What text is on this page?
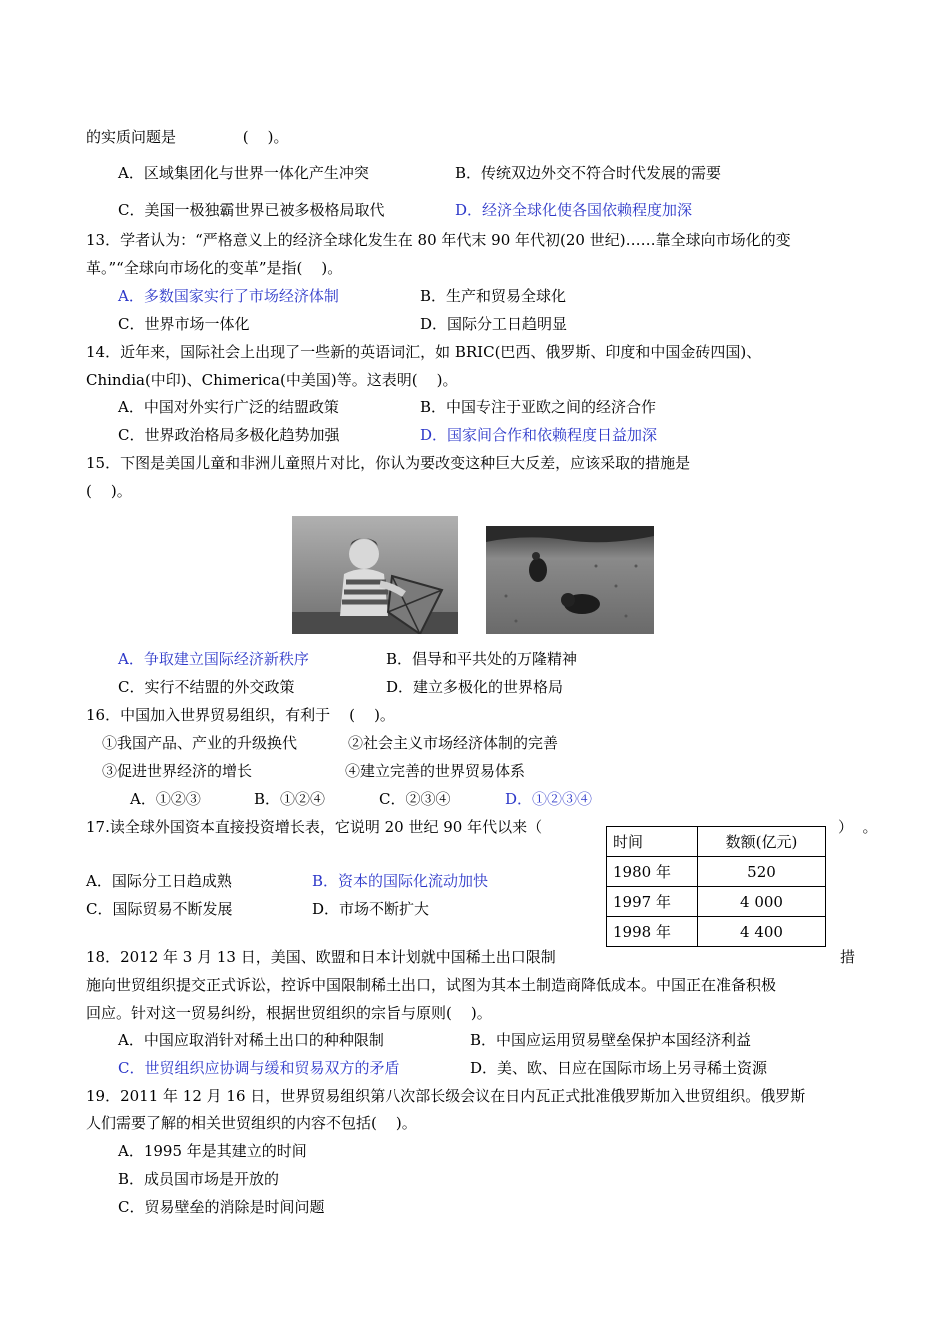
的实质问题是              (    )。
A．区域集团化与世界一体化产生冲突	B．传统双边外交不符合时代发展的需要
C．美国一极独霸世界已被多极格局取代	D．经济全球化使各国依赖程度加深
13．学者认为：“严格意义上的经济全球化发生在 80 年代末 90 年代初(20 世纪)……靠全球向市场化的变
革。”“全球向市场化的变革”是指(    )。
A．多数国家实行了市场经济体制	B．生产和贸易全球化
C．世界市场一体化	D．国际分工日趋明显
14．近年来，国际社会上出现了一些新的英语词汇，如 BRIC(巴西、俄罗斯、印度和中国金砖四国)、
Chindia(中印)、Chimerica(中美国)等。这表明(    )。
A．中国对外实行广泛的结盟政策	B．中国专注于亚欧之间的经济合作
C．世界政治格局多极化趋势加强	D．国家间合作和依赖程度日益加深
15．下图是美国儿童和非洲儿童照片对比，你认为要改变这种巨大反差，应该采取的措施是
(    )。
A．争取建立国际经济新秩序	B．倡导和平共处的万隆精神
C．实行不结盟的外交政策	D．建立多极化的世界格局
16．中国加入世界贸易组织，有利于    (    )。
①我国产品、产业的升级换代	②社会主义市场经济体制的完善
③促进世界经济的增长	④建立完善的世界贸易体系
A．①②③	B．①②④	C．②③④	D．①②③④
17.读全球外国资本直接投资增长表，它说明 20 世纪 90 年代以来（	）  。
时间	数额(亿元)
1980 年	520
1997 年	4 000
1998 年	4 400
A．国际分工日趋成熟	B．资本的国际化流动加快
C．国际贸易不断发展	D．市场不断扩大
18．2012 年 3 月 13 日，美国、欧盟和日本计划就中国稀土出口限制	措
施向世贸组织提交正式诉讼，控诉中国限制稀土出口，试图为其本土制造商降低成本。中国正在准备积极
回应。针对这一贸易纠纷，根据世贸组织的宗旨与原则(    )。
A．中国应取消针对稀土出口的种种限制	B．中国应运用贸易壁垒保护本国经济利益
C．世贸组织应协调与缓和贸易双方的矛盾	D．美、欧、日应在国际市场上另寻稀土资源
19．2011 年 12 月 16 日，世界贸易组织第八次部长级会议在日内瓦正式批准俄罗斯加入世贸组织。俄罗斯
人们需要了解的相关世贸组织的内容不包括(    )。
A．1995 年是其建立的时间
B．成员国市场是开放的
C．贸易壁垒的消除是时间问题
